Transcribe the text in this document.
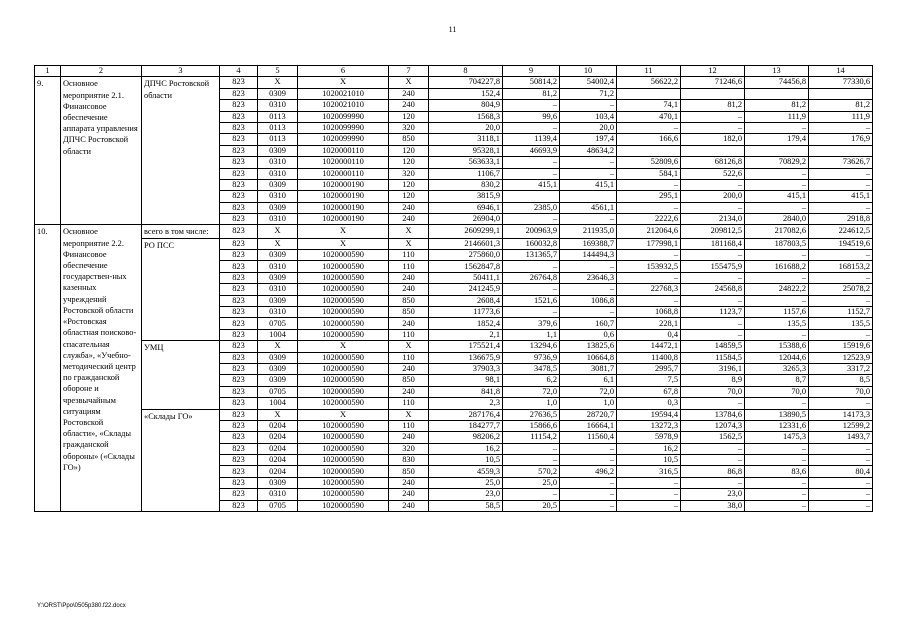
11
1	2	3	4	5	6	7	8	9	10	11	12	13	14
9.	Основное мероприятие 2.1. Финансовое обеспечение аппарата управления ДПЧС Ростовской области	ДПЧС Ростовской области	823	X	X	X	704227,8	50814,2	54002,4	56622,2	71246,6	74456,8	77330,6
			823	0309	1020021010	240	152,4	81,2	71,2				
			823	0310	1020021010	240	804,9	–	–	74,1	81,2	81,2	81,2
			823	0113	1020099990	120	1568,3	99,6	103,4	470,1	–	111,9	111,9
			823	0113	1020099990	320	20,0	–	20,0	–	–	–	–
			823	0113	1020099990	850	3118,1	1139,4	197,4	166,6	182,0	179,4	176,9
			823	0309	1020000110	120	95328,1	46693,9	48634,2				
			823	0310	1020000110	120	563633,1	–	–	52809,6	68126,8	70829,2	73626,7
			823	0310	1020000110	320	1106,7	–	–	584,1	522,6	–	–
			823	0309	1020000190	120	830,2	415,1	415,1	–	–	–	–
			823	0310	1020000190	120	3815,9			295,1	200,0	415,1	415,1
			823	0309	1020000190	240	6946,1	2385,0	4561,1	–	–	–	–
			823	0310	1020000190	240	26904,0	–	–	2222,6	2134,0	2840,0	2918,8
10.	Основное мероприятие 2.2. Финансовое обеспечение государствен-ных казенных учреждений Ростовской области «Ростовская областная поисково-спасательная служба», «Учебно-методический центр по гражданской обороне и чрезвычайным ситуациям Ростовской области», «Склады гражданской обороны» («Склады ГО»)	всего в том числе:	823	X	X	X	2609299,1	200963,9	211935,0	212064,6	209812,5	217082,6	224612,5
		РО ПСС	823	X	X	X	2146601,3	160032,8	169388,7	177998,1	181168,4	187803,5	194519,6
			823	0309	1020000590	110	275860,0	131365,7	144494,3	–	–	–	–
			823	0310	1020000590	110	1562847,8	–	–	153932,5	155475,9	161688,2	168153,2
			823	0309	1020000590	240	50411,1	26764,8	23646,3	–	–	–	–
			823	0310	1020000590	240	241245,9	–	–	22768,3	24568,8	24822,2	25078,2
			823	0309	1020000590	850	2608,4	1521,6	1086,8	–	–	–	–
			823	0310	1020000590	850	11773,6	–	–	1068,8	1123,7	1157,6	1152,7
			823	0705	1020000590	240	1852,4	379,6	160,7	228,1	–	135,5	135,5
			823	1004	1020000590	110	2,1	1,1	0,6	0,4	–	–	–
		УМЦ	823	X	X	X	175521,4	13294,6	13825,6	14472,1	14859,5	15388,6	15919,6
			823	0309	1020000590	110	136675,9	9736,9	10664,8	11400,8	11584,5	12044,6	12523,9
			823	0309	1020000590	240	37903,3	3478,5	3081,7	2995,7	3196,1	3265,3	3317,2
			823	0309	1020000590	850	98,1	6,2	6,1	7,5	8,9	8,7	8,5
			823	0705	1020000590	240	841,8	72,0	72,0	67,8	70,0	70,0	70,0
			823	1004	1020000590	110	2,3	1,0	1,0	0,3	–	–	–
		«Склады ГО»	823	X	X	X	287176,4	27636,5	28720,7	19594,4	13784,6	13890,5	14173,3
			823	0204	1020000590	110	184277,7	15866,6	16664,1	13272,3	12074,3	12331,6	12599,2
			823	0204	1020000590	240	98206,2	11154,2	11560,4	5978,9	1562,5	1475,3	1493,7
			823	0204	1020000590	320	16,2	–	–	16,2	–	–	–
			823	0204	1020000590	830	10,5	–	–	10,5	–	–	–
			823	0204	1020000590	850	4559,3	570,2	496,2	316,5	86,8	83,6	80,4
			823	0309	1020000590	240	25,0	25,0	–	–	–	–	–
			823	0310	1020000590	240	23,0	–	–	–	23,0	–	–
			823	0705	1020000590	240	58,5	20,5	–	–	38,0	–	–
Y:\ORST\Ppo\0505p380.f22.docx
